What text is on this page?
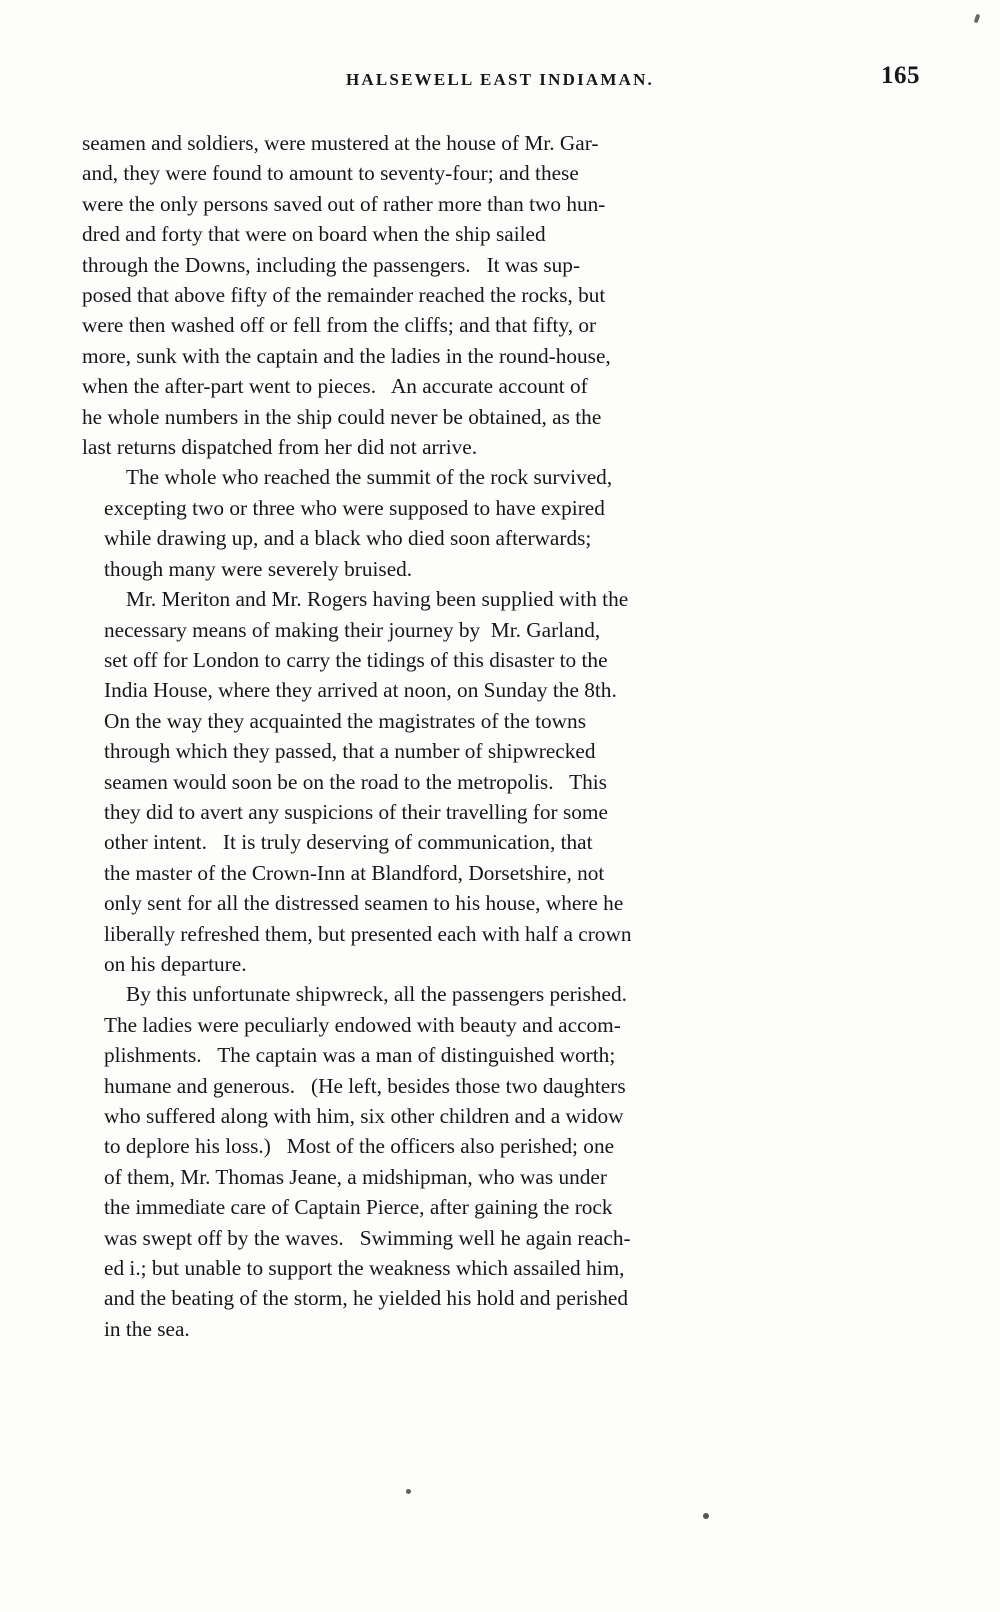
HALSEWELL EAST INDIAMAN.	165

seamen and soldiers, were mustered at the house of Mr. Gar-
and, they were found to amount to seventy-four; and these
were the only persons saved out of rather more than two hun-
dred and forty that were on board when the ship sailed
through the Downs, including the passengers.   It was sup-
posed that above fifty of the remainder reached the rocks, but
were then washed off or fell from the cliffs; and that fifty, or
more, sunk with the captain and the ladies in the round-house,
when the after-part went to pieces.   An accurate account of
he whole numbers in the ship could never be obtained, as the
last returns dispatched from her did not arrive.

The whole who reached the summit of the rock survived,
excepting two or three who were supposed to have expired
while drawing up, and a black who died soon afterwards;
though many were severely bruised.

Mr. Meriton and Mr. Rogers having been supplied with the
necessary means of making their journey by  Mr. Garland,
set off for London to carry the tidings of this disaster to the
India House, where they arrived at noon, on Sunday the 8th.
On the way they acquainted the magistrates of the towns
through which they passed, that a number of shipwrecked
seamen would soon be on the road to the metropolis.   This
they did to avert any suspicions of their travelling for some
other intent.   It is truly deserving of communication, that
the master of the Crown-Inn at Blandford, Dorsetshire, not
only sent for all the distressed seamen to his house, where he
liberally refreshed them, but presented each with half a crown
on his departure.

By this unfortunate shipwreck, all the passengers perished.
The ladies were peculiarly endowed with beauty and accom-
plishments.   The captain was a man of distinguished worth;
humane and generous.   (He left, besides those two daughters
who suffered along with him, six other children and a widow
to deplore his loss.)   Most of the officers also perished; one
of them, Mr. Thomas Jeane, a midshipman, who was under
the immediate care of Captain Pierce, after gaining the rock
was swept off by the waves.   Swimming well he again reach-
ed i.; but unable to support the weakness which assailed him,
and the beating of the storm, he yielded his hold and perished
in the sea.
